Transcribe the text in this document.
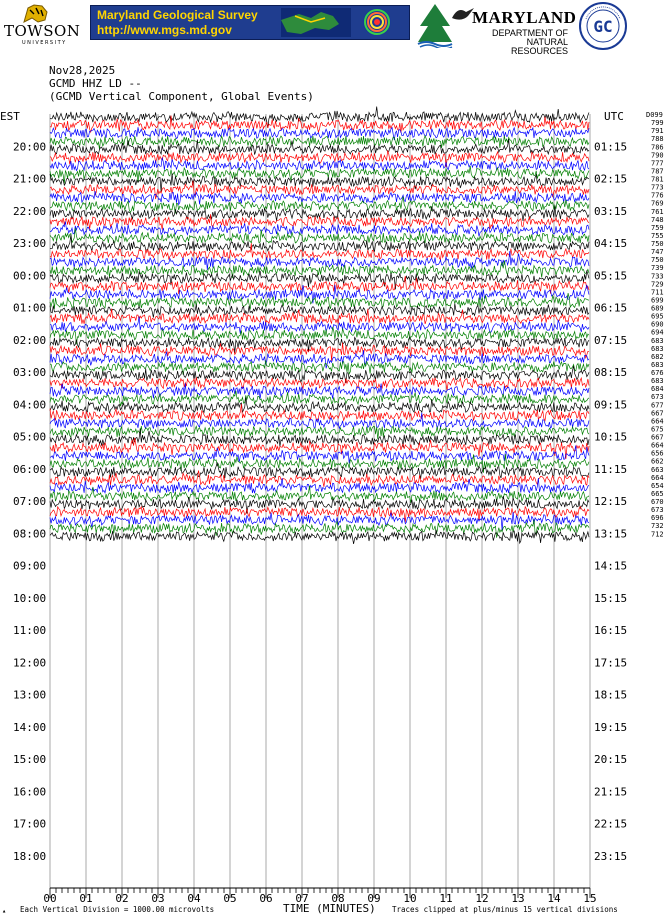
TOWSON
UNIVERSITY
Maryland Geological Survey
http://www.mgs.md.gov
MARYLAND
DEPARTMENT OF
NATURAL RESOURCES
GC
Nov28,2025
GCMD HHZ LD --
(GCMD Vertical Component, Global Events)
20:00
21:00
22:00
23:00
00:00
01:00
02:00
03:00
04:00
05:00
06:00
07:00
08:00
09:00
10:00
11:00
12:00
13:00
14:00
15:00
16:00
17:00
18:00
01:15
02:15
03:15
04:15
05:15
06:15
07:15
08:15
09:15
10:15
11:15
12:15
13:15
14:15
15:15
16:15
17:15
18:15
19:15
20:15
21:15
22:15
23:15
D099
799
791
788
786
790
777
787
781
773
776
769
761
748
759
755
750
747
750
739
733
729
711
699
689
695
690
694
683
683
682
683
676
683
684
673
677
667
664
675
667
664
656
662
663
664
654
665
670
673
696
732
712
00 01 02 03 04 05 06 07 08 09 10 11 12 13 14 15
EST	UTC
TIME (MINUTES)
▴ Each Vertical Division = 1000.00 microvolts	Traces clipped at plus/minus 15 vertical divisions
